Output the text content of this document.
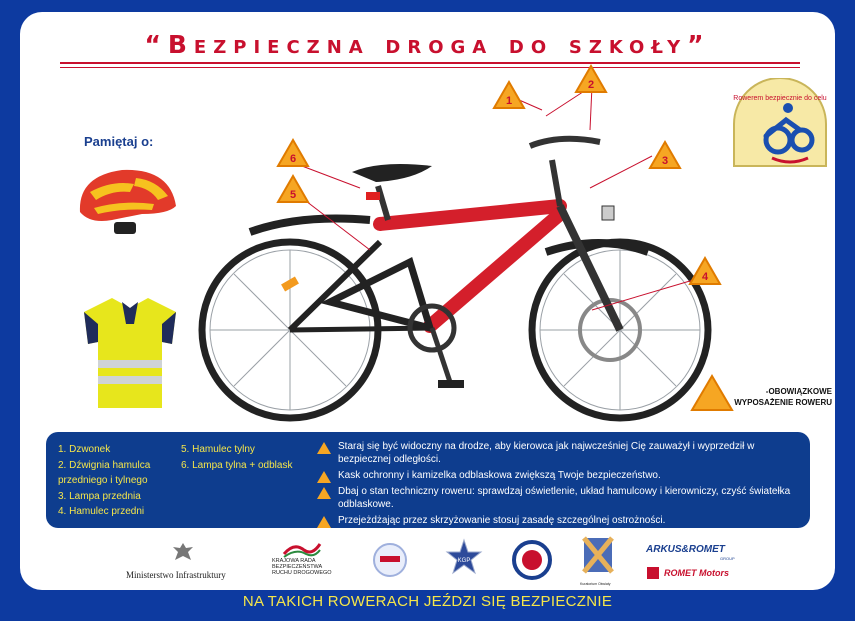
“Bezpieczna droga do szkoły”
Pamiętaj o:
Rowerem bezpiecznie do celu
1
2
3
4
5
6
-OBOWIĄZKOWE WYPOSAŻENIE ROWERU
1. Dzwonek
2. Dźwignia hamulca
przedniego i tylnego
3. Lampa przednia
4. Hamulec przedni
5. Hamulec tylny
6. Lampa tylna + odblask
Staraj się być widoczny na drodze, aby kierowca jak najwcześniej Cię zauważył i wyprzedził w bezpiecznej odległości.
Kask ochronny i kamizelka odblaskowa zwiększą Twoje bezpieczeństwo.
Dbaj o stan techniczny roweru: sprawdzaj oświetlenie, układ hamulcowy i kierowniczy, czyść światełka odblaskowe.
Przejeżdżając przez skrzyżowanie stosuj zasadę szczególnej ostrożności.
Ministerstwo Infrastruktury
KRAJOWA RADA
BEZPIECZEŃSTWA
RUCHU DROGOWEGO
KGP
Kuratorium Oświaty
ARKUS&ROMET
GROUP
ROMET Motors
NA TAKICH ROWERACH JEŹDZI SIĘ BEZPIECZNIE
